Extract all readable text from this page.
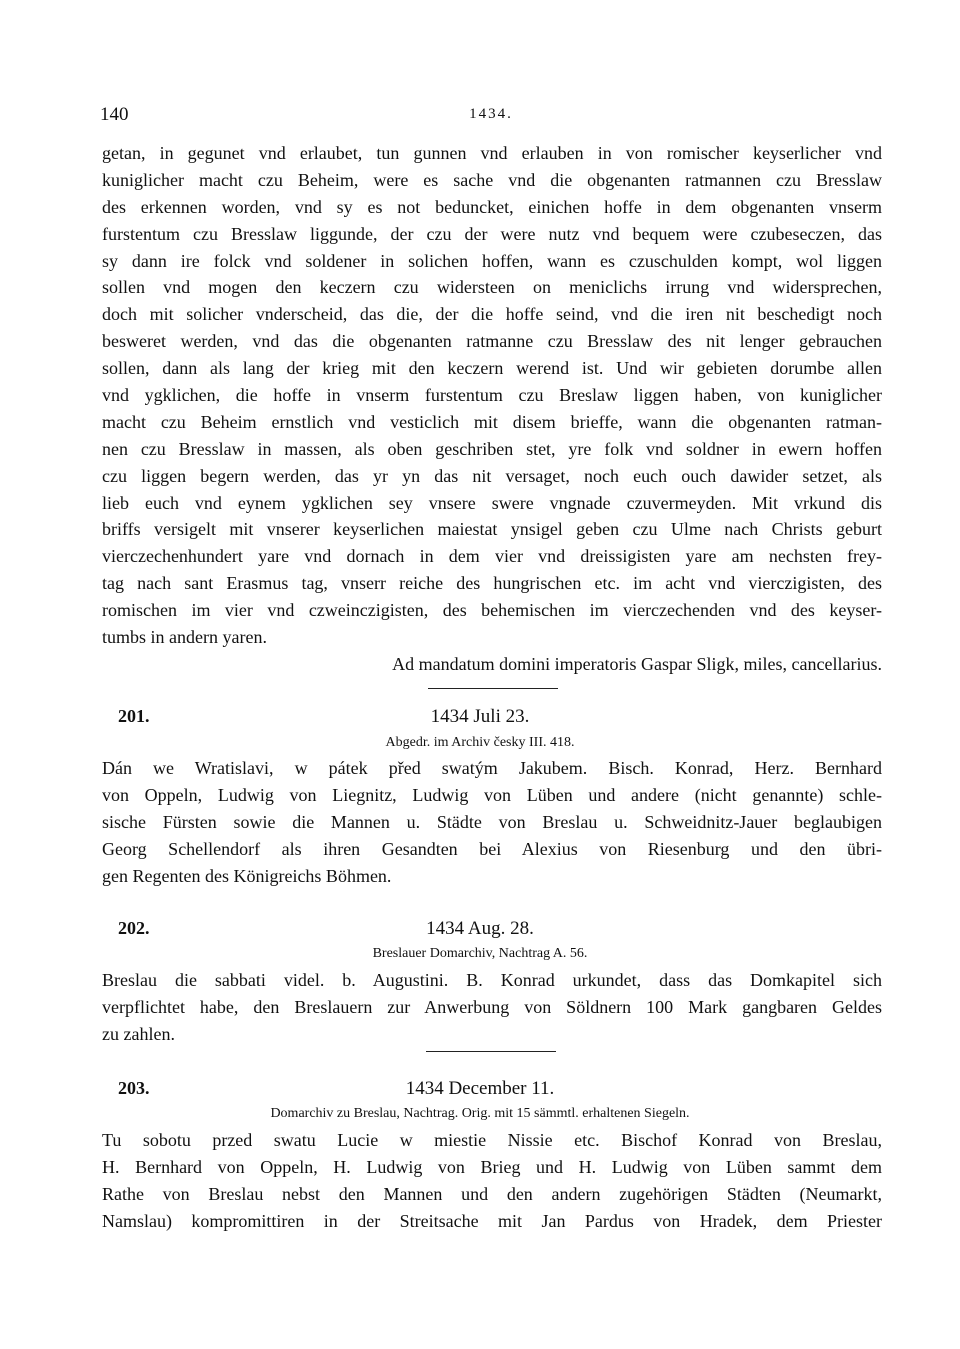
140	1434.
getan, in gegunet vnd erlaubet, tun gunnen vnd erlauben in von romischer keyserlicher vnd
kuniglicher macht czu Beheim, were es sache vnd die obgenanten ratmannen czu Bresslaw
des erkennen worden, vnd sy es not beduncket, einichen hoffe in dem obgenanten vnserm
furstentum czu Bresslaw liggunde, der czu der were nutz vnd bequem were czubeseczen, das
sy dann ire folck vnd soldener in solichen hoffen, wann es czuschulden kompt, wol liggen
sollen vnd mogen den keczern czu widersteen on meniclichs irrung vnd widersprechen,
doch mit solicher vnderscheid, das die, der die hoffe seind, vnd die iren nit beschedigt noch
besweret werden, vnd das die obgenanten ratmanne czu Bresslaw des nit lenger gebrauchen
sollen, dann als lang der krieg mit den keczern werend ist. Und wir gebieten dorumbe allen
vnd ygklichen, die hoffe in vnserm furstentum czu Breslaw liggen haben, von kuniglicher
macht czu Beheim ernstlich vnd vesticlich mit disem brieffe, wann die obgenanten ratman-
nen czu Bresslaw in massen, als oben geschriben stet, yre folk vnd soldner in ewern hoffen
czu liggen begern werden, das yr yn das nit versaget, noch euch ouch dawider setzet, als
lieb euch vnd eynem ygklichen sey vnsere swere vngnade czuvermeyden. Mit vrkund dis
briffs versigelt mit vnserer keyserlichen maiestat ynsigel geben czu Ulme nach Christs geburt
vierczechenhundert yare vnd dornach in dem vier vnd dreissigisten yare am nechsten frey-
tag nach sant Erasmus tag, vnserr reiche des hungrischen etc. im acht vnd vierczigisten, des
romischen im vier vnd czweinczigisten, des behemischen im vierczechenden vnd des keyser-
tumbs in andern yaren.
Ad mandatum domini imperatoris Gaspar Sligk, miles, cancellarius.
201.	1434 Juli 23.
Abgedr. im Archiv česky III. 418.
Dán we Wratislavi, w pátek před swatým Jakubem. Bisch. Konrad, Herz. Bernhard
von Oppeln, Ludwig von Liegnitz, Ludwig von Lüben und andere (nicht genannte) schle-
sische Fürsten sowie die Mannen u. Städte von Breslau u. Schweidnitz-Jauer beglaubigen
Georg Schellendorf als ihren Gesandten bei Alexius von Riesenburg und den übri-
gen Regenten des Königreichs Böhmen.
202.	1434 Aug. 28.
Breslauer Domarchiv, Nachtrag A. 56.
Breslau die sabbati videl. b. Augustini. B. Konrad urkundet, dass das Domkapitel sich
verpflichtet habe, den Breslauern zur Anwerbung von Söldnern 100 Mark gangbaren Geldes
zu zahlen.
203.	1434 December 11.
Domarchiv zu Breslau, Nachtrag. Orig. mit 15 sämmtl. erhaltenen Siegeln.
Tu sobotu przed swatu Lucie w miestie Nissie etc. Bischof Konrad von Breslau,
H. Bernhard von Oppeln, H. Ludwig von Brieg und H. Ludwig von Lüben sammt dem
Rathe von Breslau nebst den Mannen und den andern zugehörigen Städten (Neumarkt,
Namslau) kompromittiren in der Streitsache mit Jan Pardus von Hradek, dem Priester
